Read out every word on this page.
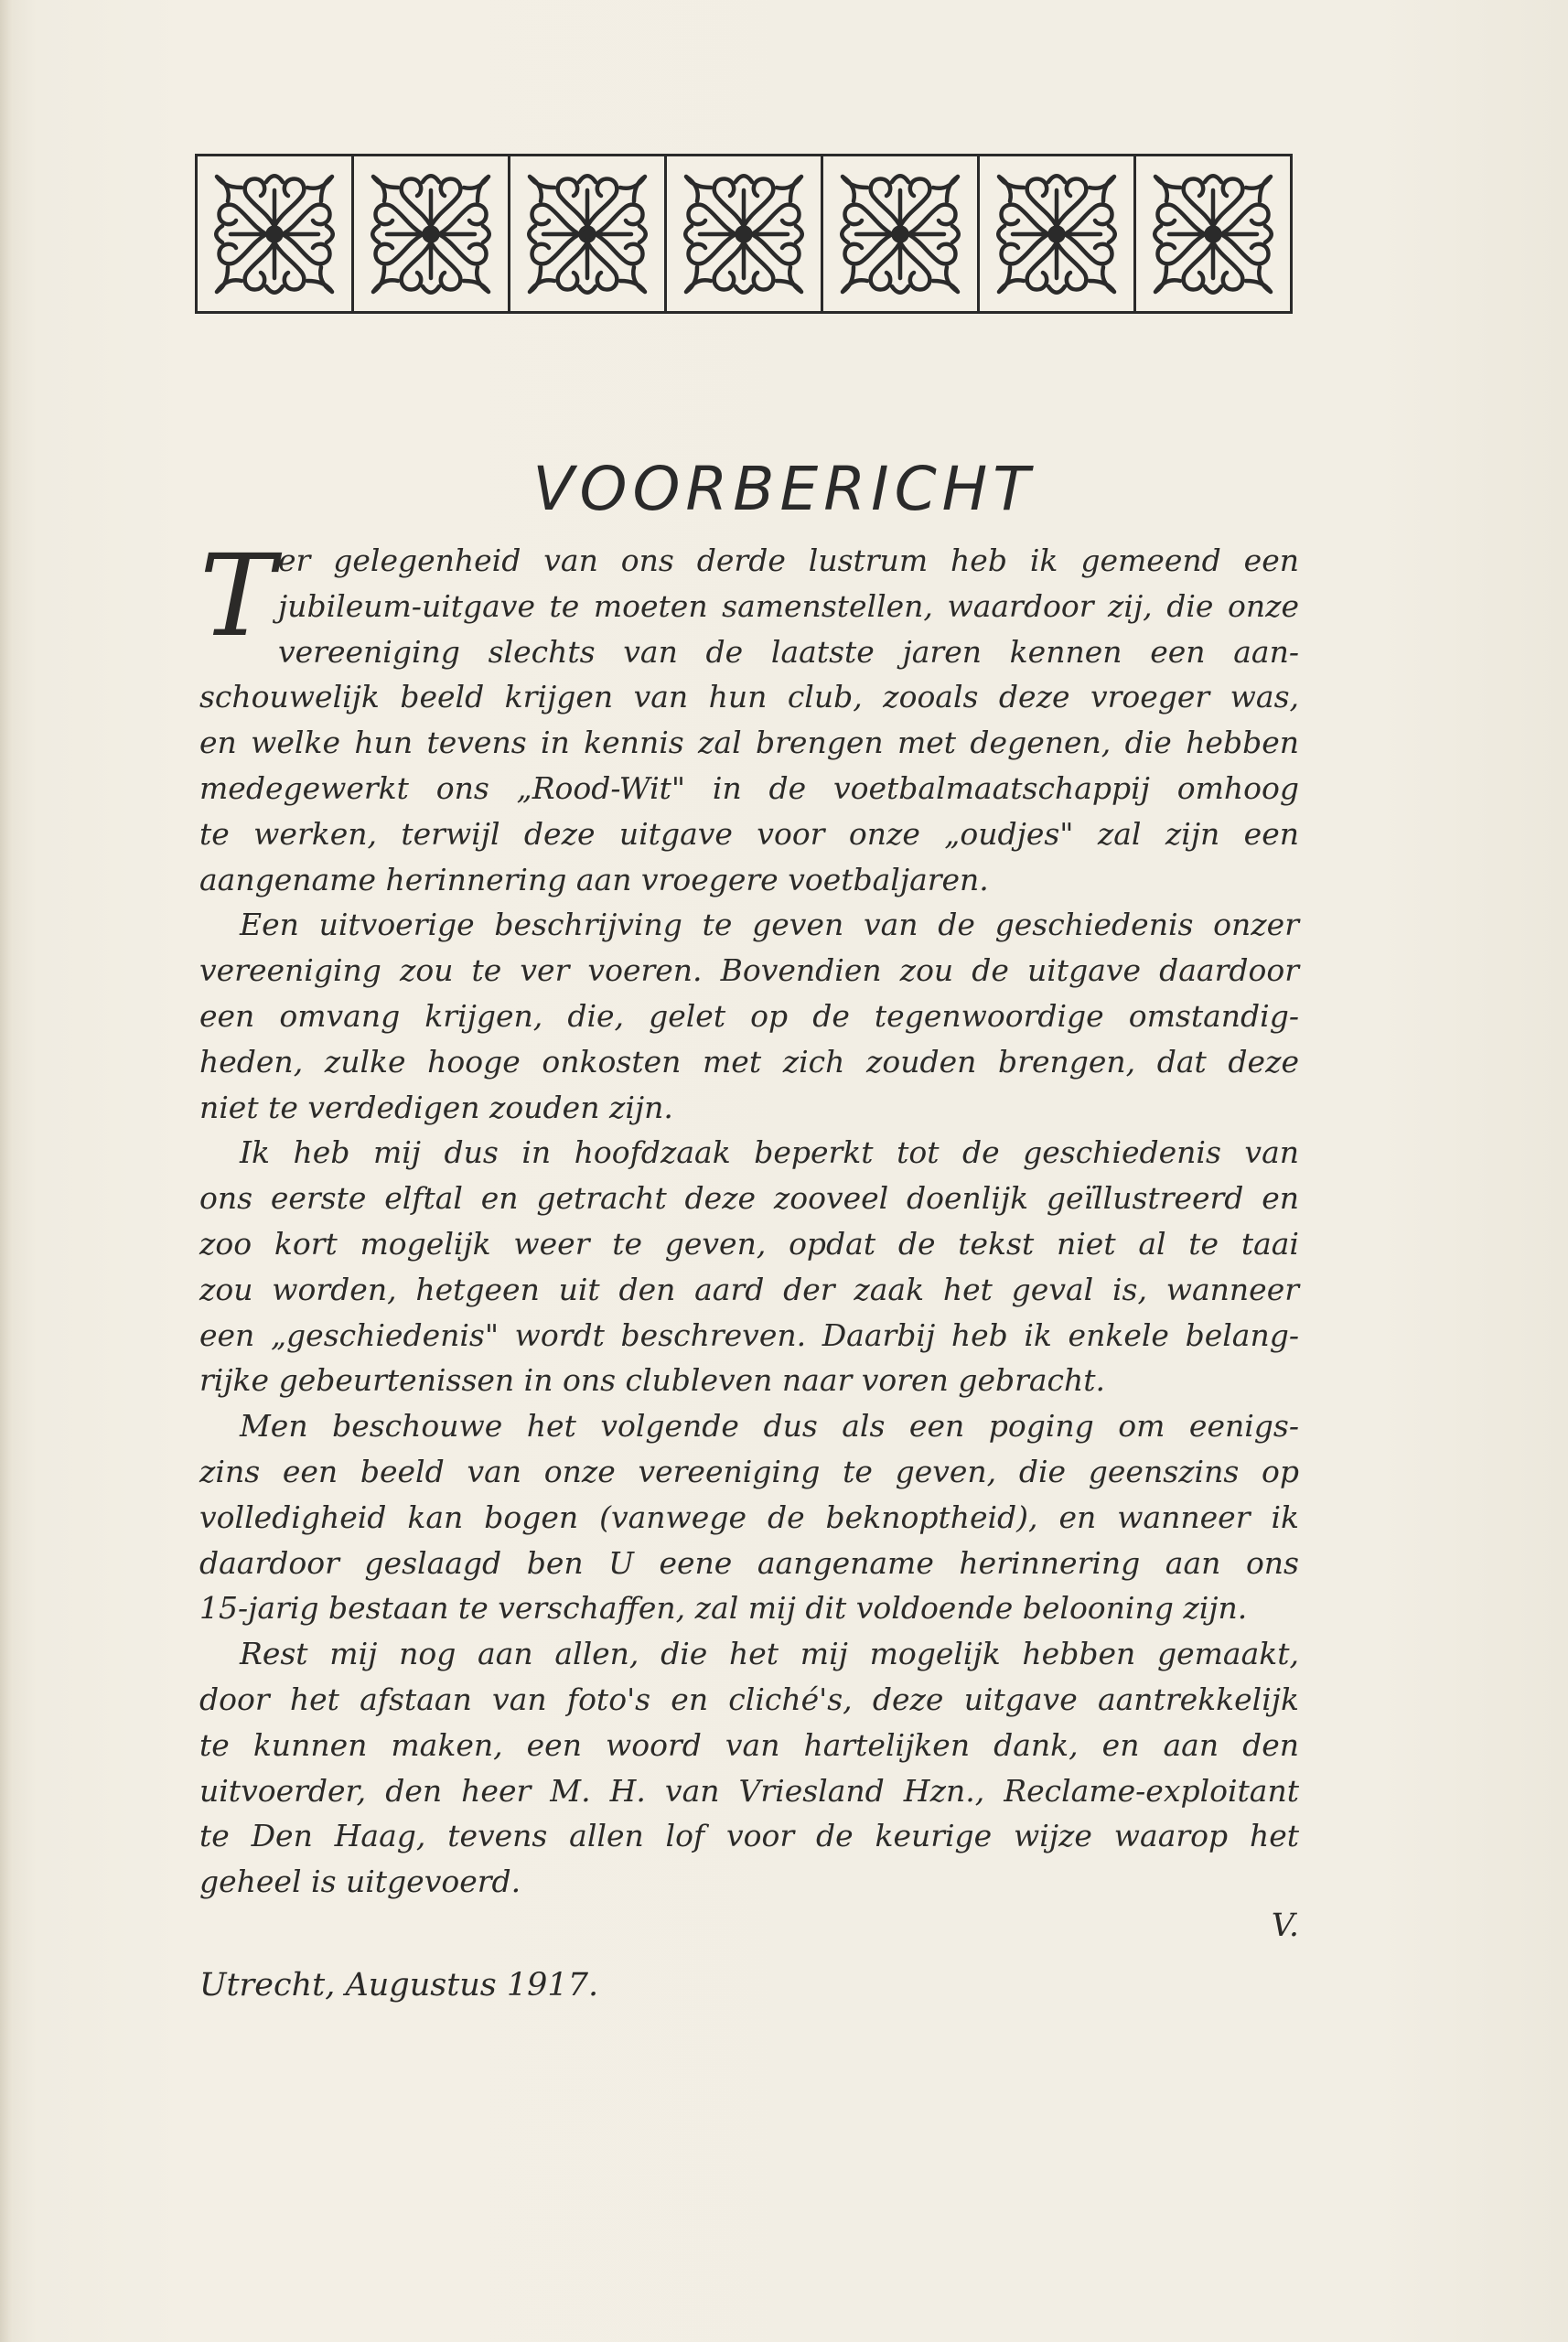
VOORBERICHT
T er gelegenheid van ons derde lustrum heb ik gemeend een
jubileum-uitgave te moeten samenstellen, waardoor zij, die onze
vereeniging slechts van de laatste jaren kennen een aan-
schouwelijk beeld krijgen van hun club, zooals deze vroeger was,
en welke hun tevens in kennis zal brengen met degenen, die hebben
medegewerkt ons „Rood-Wit" in de voetbalmaatschappij omhoog
te werken, terwijl deze uitgave voor onze „oudjes" zal zijn een
aangename herinnering aan vroegere voetbaljaren.
Een uitvoerige beschrijving te geven van de geschiedenis onzer
vereeniging zou te ver voeren. Bovendien zou de uitgave daardoor
een omvang krijgen, die, gelet op de tegenwoordige omstandig-
heden, zulke hooge onkosten met zich zouden brengen, dat deze
niet te verdedigen zouden zijn.
Ik heb mij dus in hoofdzaak beperkt tot de geschiedenis van
ons eerste elftal en getracht deze zooveel doenlijk geïllustreerd en
zoo kort mogelijk weer te geven, opdat de tekst niet al te taai
zou worden, hetgeen uit den aard der zaak het geval is, wanneer
een „geschiedenis" wordt beschreven. Daarbij heb ik enkele belang-
rijke gebeurtenissen in ons clubleven naar voren gebracht.
Men beschouwe het volgende dus als een poging om eenigs-
zins een beeld van onze vereeniging te geven, die geenszins op
volledigheid kan bogen (vanwege de beknoptheid), en wanneer ik
daardoor geslaagd ben U eene aangename herinnering aan ons
15-jarig bestaan te verschaffen, zal mij dit voldoende belooning zijn.
Rest mij nog aan allen, die het mij mogelijk hebben gemaakt,
door het afstaan van foto's en cliché's, deze uitgave aantrekkelijk
te kunnen maken, een woord van hartelijken dank, en aan den
uitvoerder, den heer M. H. van Vriesland Hzn., Reclame-exploitant
te Den Haag, tevens allen lof voor de keurige wijze waarop het
geheel is uitgevoerd.
V.
Utrecht, Augustus 1917.
